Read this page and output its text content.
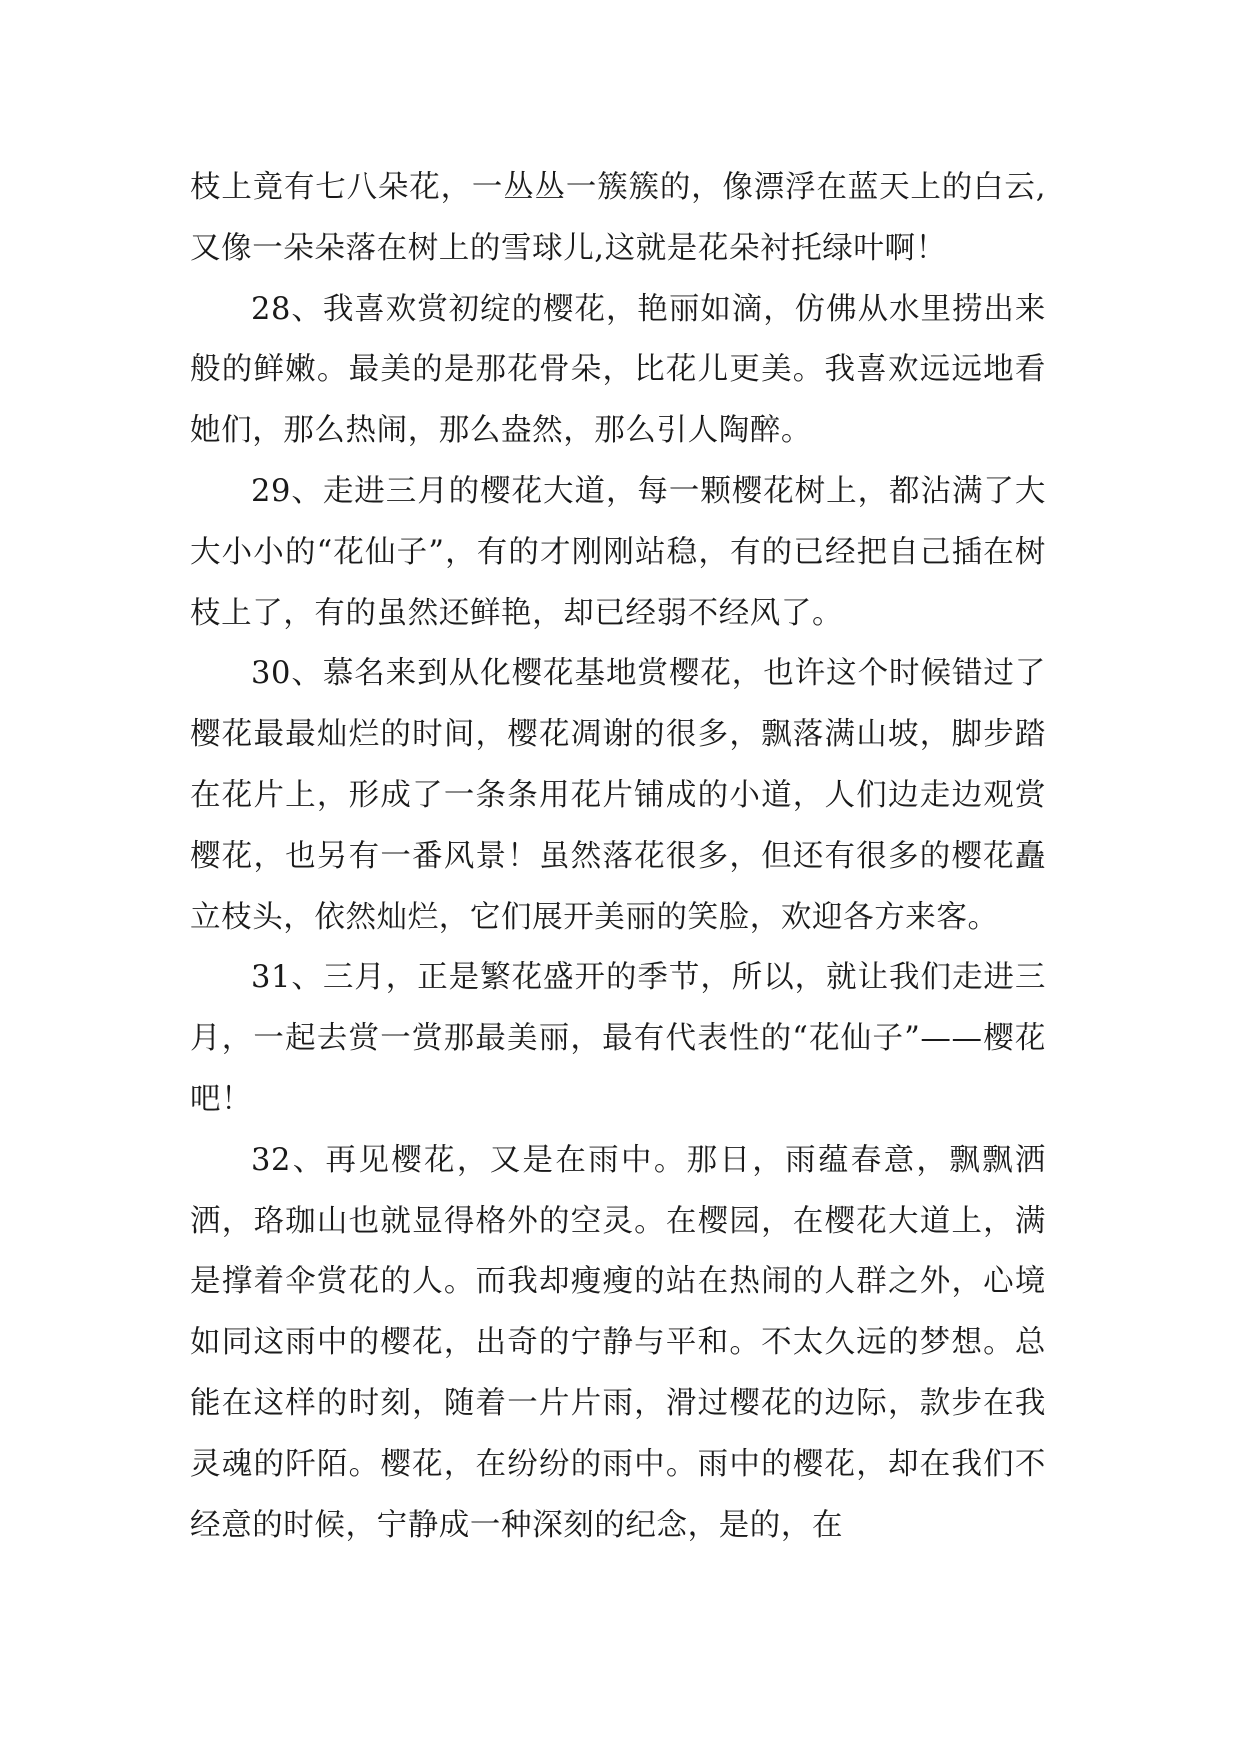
枝上竟有七八朵花，一丛丛一簇簇的，像漂浮在蓝天上的白云,又像一朵朵落在树上的雪球儿,这就是花朵衬托绿叶啊！

28、我喜欢赏初绽的樱花，艳丽如滴，仿佛从水里捞出来般的鲜嫩。最美的是那花骨朵，比花儿更美。我喜欢远远地看她们，那么热闹，那么盎然，那么引人陶醉。

29、走进三月的樱花大道，每一颗樱花树上，都沾满了大大小小的“花仙子”，有的才刚刚站稳，有的已经把自己插在树枝上了，有的虽然还鲜艳，却已经弱不经风了。

30、慕名来到从化樱花基地赏樱花，也许这个时候错过了樱花最最灿烂的时间，樱花凋谢的很多，飘落满山坡，脚步踏在花片上，形成了一条条用花片铺成的小道，人们边走边观赏樱花，也另有一番风景！虽然落花很多，但还有很多的樱花矗立枝头，依然灿烂，它们展开美丽的笑脸，欢迎各方来客。

31、三月，正是繁花盛开的季节，所以，就让我们走进三月，一起去赏一赏那最美丽，最有代表性的“花仙子”——樱花吧！

32、再见樱花，又是在雨中。那日，雨蕴春意，飘飘洒洒，珞珈山也就显得格外的空灵。在樱园，在樱花大道上，满是撑着伞赏花的人。而我却瘦瘦的站在热闹的人群之外，心境如同这雨中的樱花，出奇的宁静与平和。不太久远的梦想。总能在这样的时刻，随着一片片雨，滑过樱花的边际，款步在我灵魂的阡陌。樱花，在纷纷的雨中。雨中的樱花，却在我们不经意的时候，宁静成一种深刻的纪念，是的，在
